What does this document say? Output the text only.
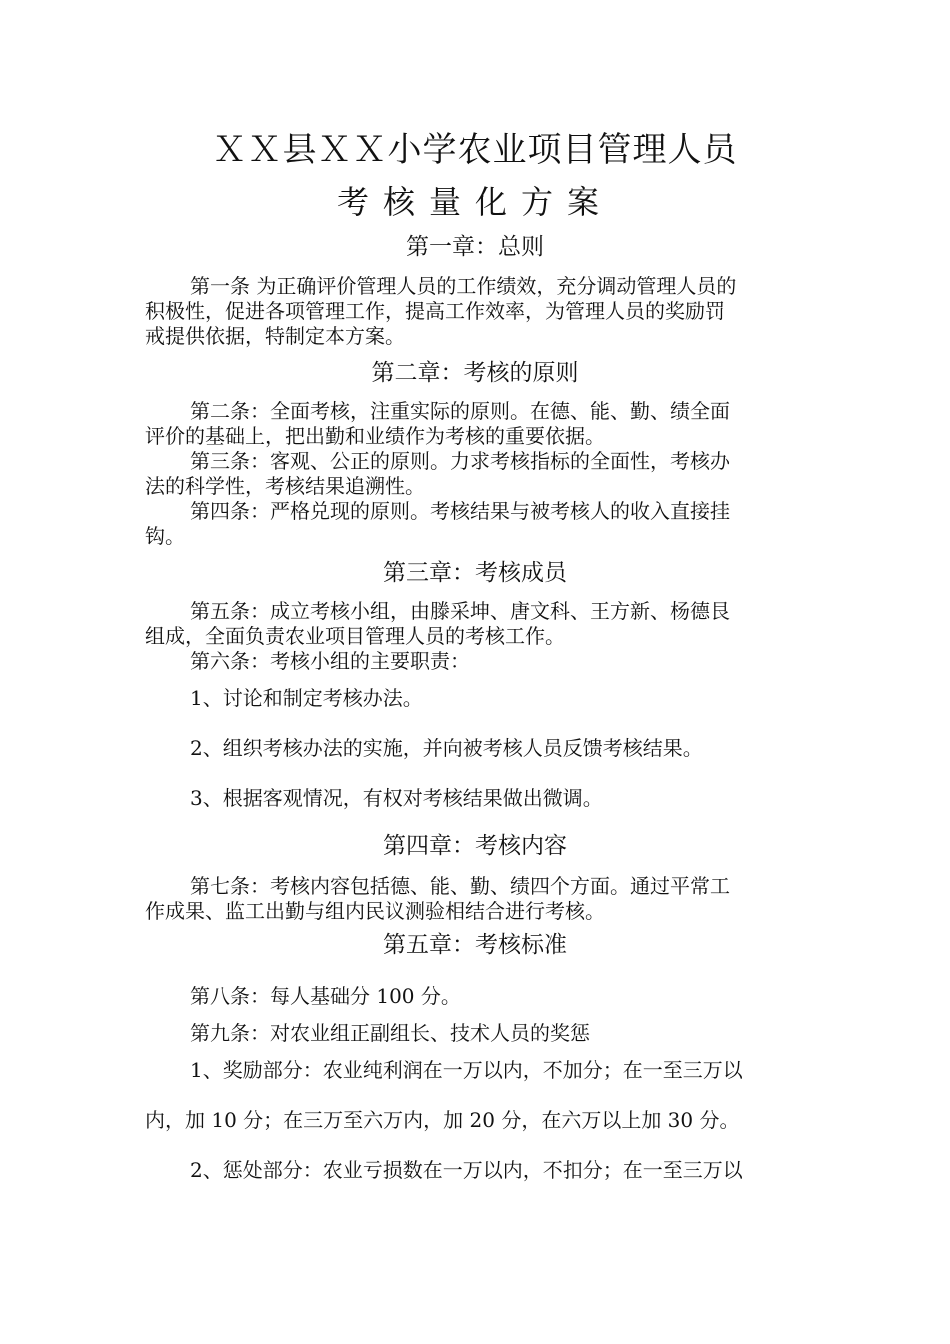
ＸＸ县ＸＸ小学农业项目管理人员
考核量化方案
第一章：总则
第一条 为正确评价管理人员的工作绩效，充分调动管理人员的
积极性，促进各项管理工作，提高工作效率，为管理人员的奖励罚
戒提供依据，特制定本方案。
第二章：考核的原则
第二条：全面考核，注重实际的原则。在德、能、勤、绩全面
评价的基础上，把出勤和业绩作为考核的重要依据。
第三条：客观、公正的原则。力求考核指标的全面性，考核办
法的科学性，考核结果追溯性。
第四条：严格兑现的原则。考核结果与被考核人的收入直接挂
钩。
第三章：考核成员
第五条：成立考核小组，由滕采坤、唐文科、王方新、杨德艮
组成，全面负责农业项目管理人员的考核工作。
第六条：考核小组的主要职责：
1、讨论和制定考核办法。
2、组织考核办法的实施，并向被考核人员反馈考核结果。
3、根据客观情况，有权对考核结果做出微调。
第四章：考核内容
第七条：考核内容包括德、能、勤、绩四个方面。通过平常工
作成果、监工出勤与组内民议测验相结合进行考核。
第五章：考核标准
第八条：每人基础分 100 分。
第九条：对农业组正副组长、技术人员的奖惩
1、奖励部分：农业纯利润在一万以内，不加分；在一至三万以
内，加 10 分；在三万至六万内，加 20 分，在六万以上加 30 分。
2、惩处部分：农业亏损数在一万以内，不扣分；在一至三万以
